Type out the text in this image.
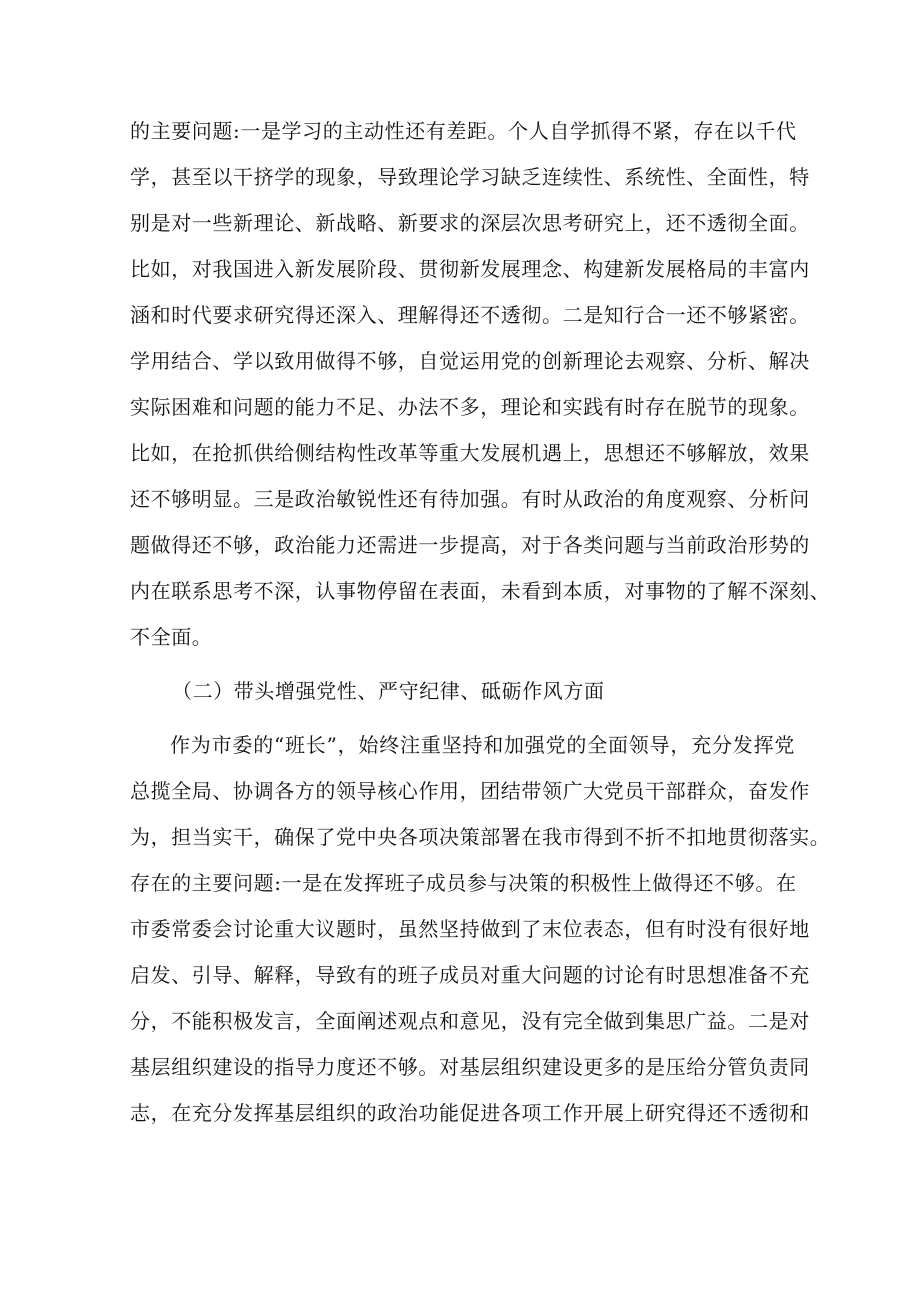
的主要问题:一是学习的主动性还有差距。个人自学抓得不紧，存在以千代
学，甚至以干挤学的现象，导致理论学习缺乏连续性、系统性、全面性，特
别是对一些新理论、新战略、新要求的深层次思考研究上，还不透彻全面。
比如，对我国进入新发展阶段、贯彻新发展理念、构建新发展格局的丰富内
涵和时代要求研究得还深入、理解得还不透彻。二是知行合一还不够紧密。
学用结合、学以致用做得不够，自觉运用党的创新理论去观察、分析、解决
实际困难和问题的能力不足、办法不多，理论和实践有时存在脱节的现象。
比如，在抢抓供给侧结构性改革等重大发展机遇上，思想还不够解放，效果
还不够明显。三是政治敏锐性还有待加强。有时从政治的角度观察、分析问
题做得还不够，政治能力还需进一步提高，对于各类问题与当前政治形势的
内在联系思考不深，认事物停留在表面，未看到本质，对事物的了解不深刻、
不全面。
（二）带头增强党性、严守纪律、砥砺作风方面
作为市委的“班长”，始终注重坚持和加强党的全面领导，充分发挥党
总揽全局、协调各方的领导核心作用，团结带领广大党员干部群众，奋发作
为，担当实干，确保了党中央各项决策部署在我市得到不折不扣地贯彻落实。
存在的主要问题:一是在发挥班子成员参与决策的积极性上做得还不够。在
市委常委会讨论重大议题时，虽然坚持做到了末位表态，但有时没有很好地
启发、引导、解释，导致有的班子成员对重大问题的讨论有时思想准备不充
分，不能积极发言，全面阐述观点和意见，没有完全做到集思广益。二是对
基层组织建设的指导力度还不够。对基层组织建设更多的是压给分管负责同
志，在充分发挥基层组织的政治功能促进各项工作开展上研究得还不透彻和
